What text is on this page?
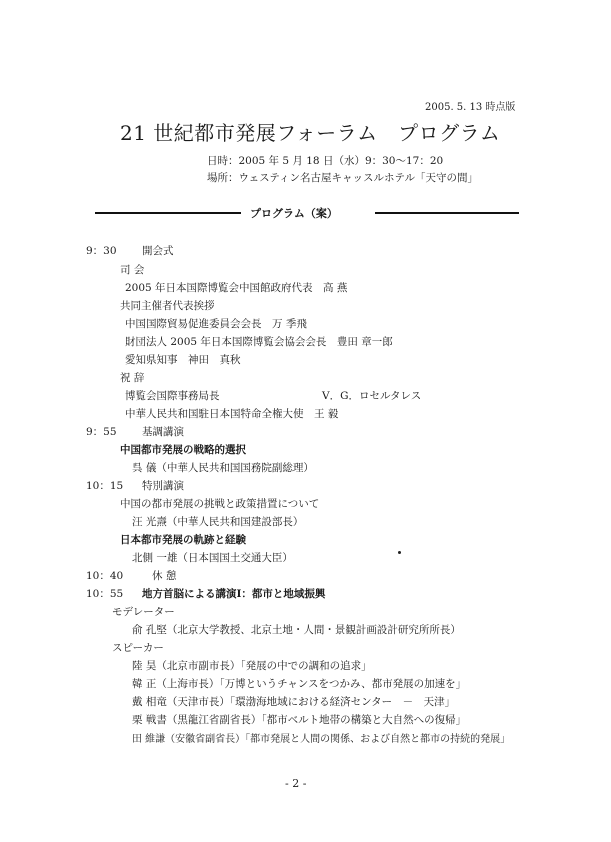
2005. 5. 13 時点版
21 世紀都市発展フォーラム　プログラム
日時：2005 年 5 月 18 日（水）9：30～17：20
場所：ウェスティン名古屋キャッスルホテル「天守の間」
プログラム（案）
9：30 開会式
司 会
2005 年日本国際博覧会中国館政府代表　高 燕
共同主催者代表挨拶
中国国際貿易促進委員会会長　万 季飛
財団法人 2005 年日本国際博覧会協会会長　豊田 章一郎
愛知県知事　神田　真秋
祝 辞
博覧会国際事務局長	V．G．ロセルタレス
中華人民共和国駐日本国特命全権大使　王 毅
9：55 基調講演
中国都市発展の戦略的選択
呉 儀（中華人民共和国国務院副総理）
10：15 特別講演
中国の都市発展の挑戦と政策措置について
汪 光燾（中華人民共和国建設部長）
日本都市発展の軌跡と経験
北側 一雄（日本国国土交通大臣）
10：40	休 憩
10：55 地方首脳による講演Ⅰ：都市と地域振興
モデレーター
俞 孔堅（北京大学教授、北京土地・人間・景観計画設計研究所所長）
スピーカー
陸 昊（北京市副市長）「発展の中での調和の追求」
韓 正（上海市長）「万博というチャンスをつかみ、都市発展の加速を」
戴 相竜（天津市長）「環渤海地域における経済センター　－　天津」
栗 戦書（黒龍江省副省長）「都市ベルト地帯の構築と大自然への復帰」
田 維謙（安徽省副省長）「都市発展と人間の関係、および自然と都市の持続的発展」
- 2 -
